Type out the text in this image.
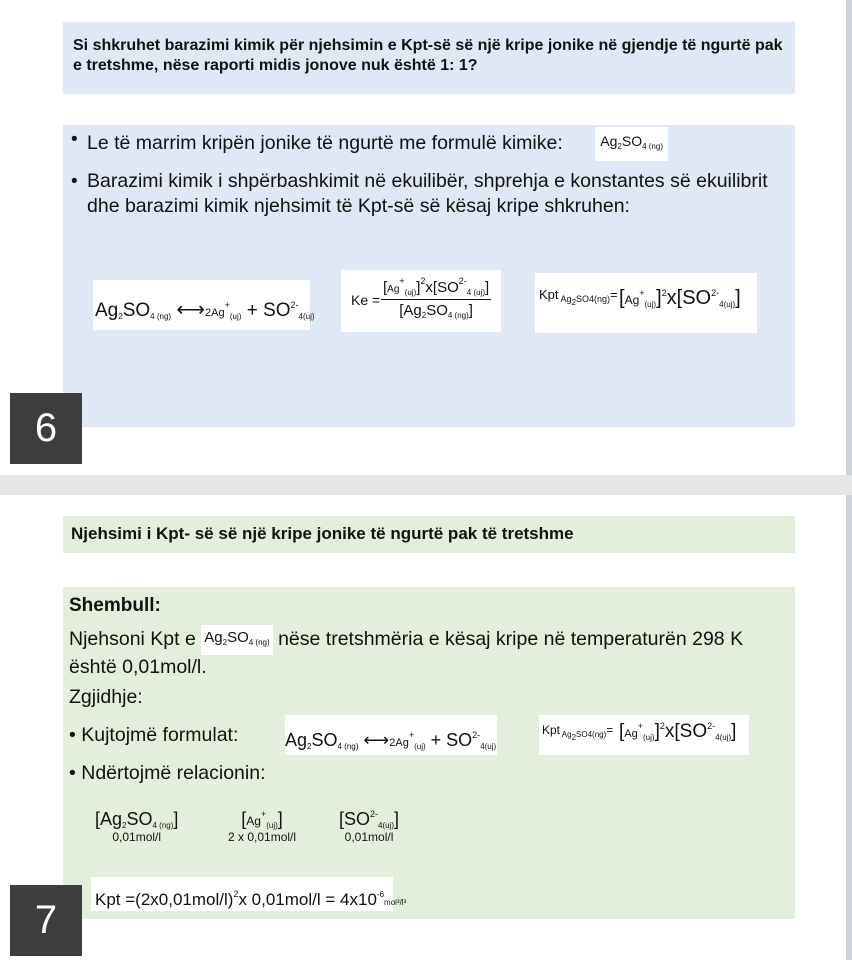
Si shkruhet barazimi kimik për njehsimin e Kpt-së së një kripe jonike në gjendje të ngurtë pak e tretshme, nëse raporti midis jonove nuk është 1: 1?
• Le të marrim kripën jonike të ngurtë me formulë kimike:	$Ag_2SO_{4 (ng)}$
• Barazimi kimik i shpërbashkimit në ekuilibër, shprehja e konstantes së ekuilibrit dhe barazimi kimik njehsimit të Kpt-së së kësaj kripe shkruhen:
$Ag_2SO_{4 (ng)}$ $⟷2Ag^+_{(uj)} + SO^{2-}_{4(uj)}$
$Ke = \frac{[Ag^+_{(uj)}]^2x[SO^{2-}_{4 (uj)}]}{[Ag_2SO_{4 (ng)}]}$	Kpt $_{Ag_2SO4(ng)}= [Ag^+_{(uj)}]^2x[SO^{2-}_{4(uj)}]$
6
Njehsimi i Kpt- së së një kripe jonike të ngurtë pak të tretshme
Shembull:
Njehsoni Kpt e $Ag_2SO_{4 (ng)}$ nëse tretshmëria e kësaj kripe në temperaturën 298 K është 0,01mol/l.
Zgjidhje:
• Kujtojmë formulat:	$Ag_2SO_{4 (ng)}$ $⟷2Ag^+_{(uj)} + SO^{2-}_{4(uj)}$
Kpt $_{Ag_2SO4(ng)}= [Ag^+_{(uj)}]^2x[SO^{2-}_{4(uj)}]$
• Ndërtojmë relacionin:
$[Ag_2SO_{4 (ng)}]$
0,01mol/l
$[Ag^+_{(uj)}]$
2 x 0,01mol/l
$[SO^{2-}_{4(uj)}]$
0,01mol/l
Kpt $=(2x0,01mol/l)^2x$ $0,01mol/l = 4x10^{-6}mol^3/l^3$
7
